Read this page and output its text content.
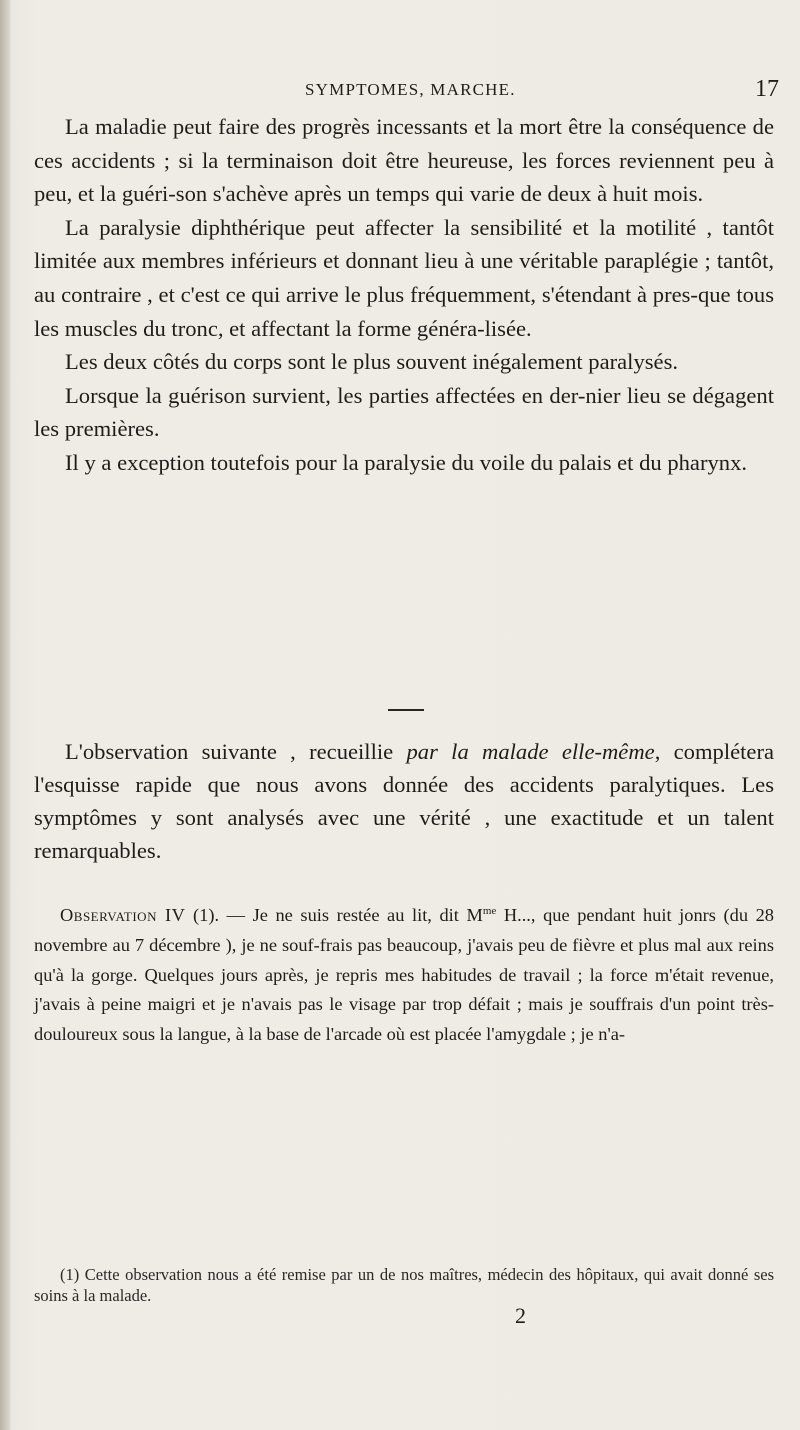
SYMPTOMES, MARCHE.	17

La maladie peut faire des progrès incessants et la mort être la conséquence de ces accidents ; si la terminaison doit être heureuse, les forces reviennent peu à peu, et la guéri-son s'achève après un temps qui varie de deux à huit mois.

La paralysie diphthérique peut affecter la sensibilité et la motilité , tantôt limitée aux membres inférieurs et donnant lieu à une véritable paraplégie ; tantôt, au contraire , et c'est ce qui arrive le plus fréquemment, s'étendant à pres-que tous les muscles du tronc, et affectant la forme généra-lisée.

Les deux côtés du corps sont le plus souvent inégalement paralysés.

Lorsque la guérison survient, les parties affectées en der-nier lieu se dégagent les premières.

Il y a exception toutefois pour la paralysie du voile du palais et du pharynx.

L'observation suivante , recueillie par la malade elle-même, complétera l'esquisse rapide que nous avons donnée des accidents paralytiques. Les symptômes y sont analysés avec une vérité , une exactitude et un talent remarquables.

Observation IV (1). — Je ne suis restée au lit, dit $M^{me}$ H..., que pendant huit jonrs (du 28 novembre au 7 décembre ), je ne souf-frais pas beaucoup, j'avais peu de fièvre et plus mal aux reins qu'à la gorge. Quelques jours après, je repris mes habitudes de travail ; la force m'était revenue, j'avais à peine maigri et je n'avais pas le visage par trop défait ; mais je souffrais d'un point très-douloureux sous la langue, à la base de l'arcade où est placée l'amygdale ; je n'a-

(1) Cette observation nous a été remise par un de nos maîtres, médecin des hôpitaux, qui avait donné ses soins à la malade.

2
